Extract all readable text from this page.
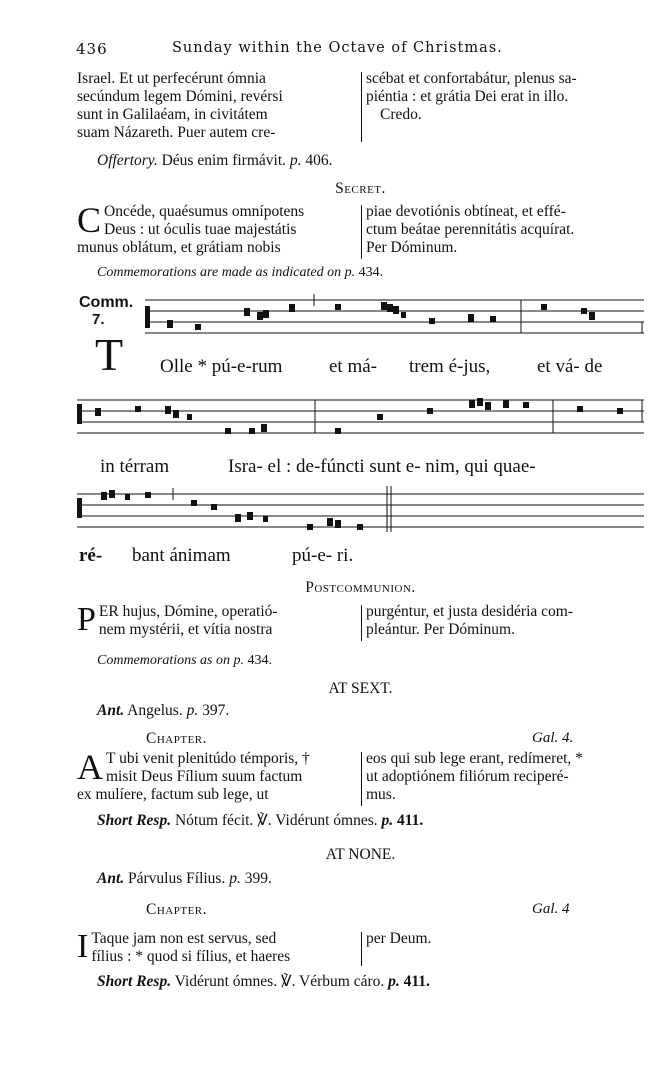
436	Sunday within the Octave of Christmas.
Israel. Et ut perfecérunt ómnia
secúndum legem Dómini, revérsi
sunt in Galilaéam, in civitátem
suam Názareth. Puer autem cre-
scébat et confortabátur, plenus sa-
piéntia : et grátia Dei erat in illo.
Credo.
Offertory. Déus enim firmávit. p. 406.
Secret.
C Oncéde, quaésumus omnípotens
Deus : ut óculis tuae majestátis
munus oblátum, et grátiam nobis
piae devotiónis obtíneat, et effé-
ctum beátae perennitátis acquírat.
Per Dóminum.
Commemorations are made as indicated on p. 434.
Comm.
7.
T Olle * pú-e-rum et má- trem é-jus, et vá- de
in térram	Isra- el : de-fúncti sunt e- nim, qui quae-
ré- bant ánimam	pú-e- ri.
Postcommunion.
P ER hujus, Dómine, operatió-
nem mystérii, et vítia nostra
purgéntur, et justa desidéria com-
pleántur. Per Dóminum.
Commemorations as on p. 434.
AT SEXT.
Ant. Angelus. p. 397.
Chapter.	Gal. 4.
A T ubi venit plenitúdo témporis, †
misit Deus Fílium suum factum
ex mulíere, factum sub lege, ut
eos qui sub lege erant, redímeret, *
ut adoptiónem filiórum reciperé-
mus.
Short Resp. Nótum fécit. ℣. Vidérunt ómnes. p. 411.
AT NONE.
Ant. Párvulus Fílius. p. 399.
Chapter.	Gal. 4
I Taque jam non est servus, sed
fílius : * quod si fílius, et haeres
per Deum.
Short Resp. Vidérunt ómnes. ℣. Vérbum cáro. p. 411.
